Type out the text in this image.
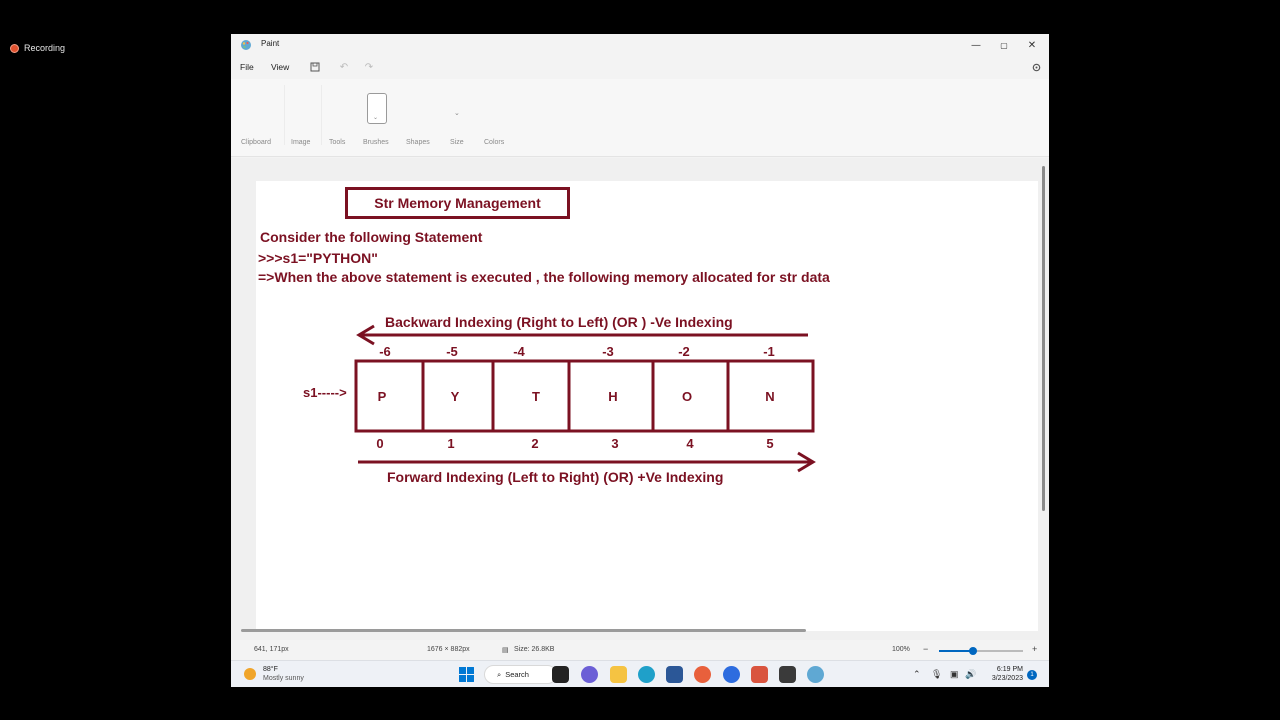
Recording	Paint	—	▢	✕
File View	↶ ↷
⌄
⌄
Clipboard	Image	Tools	Brushes Shapes	Size	Colors
Str Memory Management
Consider the following Statement
>>>s1="PYTHON"
=>When the above statement is executed , the following memory allocated for str data
Backward Indexing (Right to Left) (OR ) -Ve Indexing
-6	-5	-4	-3	-2	-1
P	Y	T	H	O	N
s1----->
0	1	2	3	4	5
Forward Indexing (Left to Right) (OR) +Ve Indexing
641, 171px	1676 × 882px	▤ Size: 26.8KB	100% −	+
88°F
Mostly sunny	⌕ Search	⌃ 🎙 ▣ 🔊	6:19 PM
3/23/2023	1
